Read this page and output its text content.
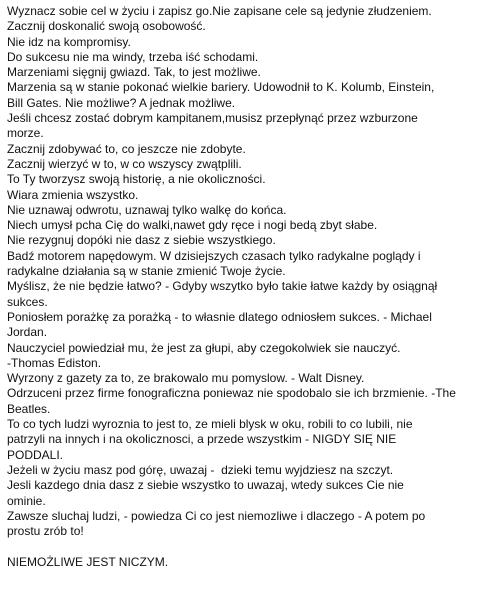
Wyznacz sobie cel w życiu i zapisz go.Nie zapisane cele są jedynie złudzeniem.
Zacznij doskonalić swoją osobowość.
Nie idz na kompromisy.
Do sukcesu nie ma windy, trzeba iść schodami.
Marzeniami sięgnij gwiazd. Tak, to jest możliwe.
Marzenia są w stanie pokonać wielkie bariery. Udowodnił to K. Kolumb, Einstein,
Bill Gates. Nie możliwe? A jednak możliwe.
Jeśli chcesz zostać dobrym kampitanem,musisz przepłynąć przez wzburzone
morze.
Zacznij zdobywać to, co jeszcze nie zdobyte.
Zacznij wierzyć w to, w co wszyscy zwątplili.
To Ty tworzysz swoją historię, a nie okoliczności.
Wiara zmienia wszystko.
Nie uznawaj odwrotu, uznawaj tylko walkę do końca.
Niech umysł pcha Cię do walki,nawet gdy ręce i nogi bedą zbyt słabe.
Nie rezygnuj dopóki nie dasz z siebie wszystkiego.
Badź motorem napędowym. W dzisiejszych czasach tylko radykalne poglądy i
radykalne działania są w stanie zmienić Twoje życie.
Myślisz, że nie będzie łatwo? - Gdyby wszytko było takie łatwe każdy by osiągnął
sukces.
Poniosłem porażkę za porażką - to własnie dlatego odniosłem sukces. - Michael
Jordan.
Nauczyciel powiedział mu, że jest za głupi, aby czegokolwiek sie nauczyć.
-Thomas Ediston.
Wyrzony z gazety za to, ze brakowalo mu pomyslow. - Walt Disney.
Odrzuceni przez firme fonograficzna poniewaz nie spodobalo sie ich brzmienie. -The
Beatles.
To co tych ludzi wyroznia to jest to, ze mieli blysk w oku, robili to co lubili, nie
patrzyli na innych i na okolicznosci, a przede wszystkim - NIGDY SIĘ NIE
PODDALI.
Jeżeli w życiu masz pod górę, uwazaj -  dzieki temu wyjdziesz na szczyt.
Jesli kazdego dnia dasz z siebie wszystko to uwazaj, wtedy sukces Cie nie
ominie.
Zawsze sluchaj ludzi, - powiedza Ci co jest niemozliwe i dlaczego - A potem po
prostu zrób to!
NIEMOŻLIWE JEST NICZYM.
